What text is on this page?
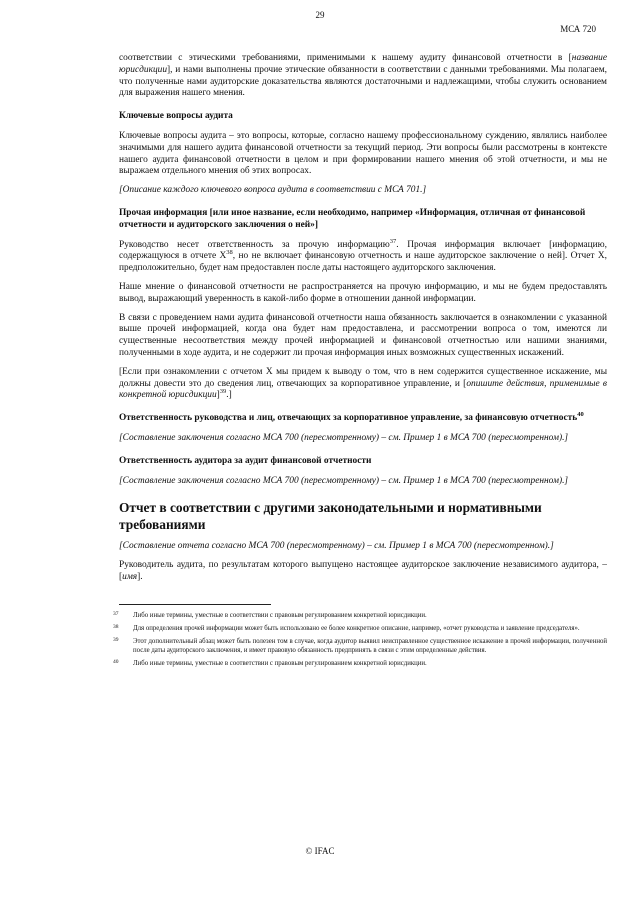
29
МСА 720

соответствии с этическими требованиями, применимыми к нашему аудиту финансовой отчетности в [название юрисдикции], и нами выполнены прочие этические обязанности в соответствии с данными требованиями. Мы полагаем, что полученные нами аудиторские доказательства являются достаточными и надлежащими, чтобы служить основанием для выражения нашего мнения.

Ключевые вопросы аудита

Ключевые вопросы аудита – это вопросы, которые, согласно нашему профессиональному суждению, являлись наиболее значимыми для нашего аудита финансовой отчетности за текущий период. Эти вопросы были рассмотрены в контексте нашего аудита финансовой отчетности в целом и при формировании нашего мнения об этой отчетности, и мы не выражаем отдельного мнения об этих вопросах.

[Описание каждого ключевого вопроса аудита в соответствии с МСА 701.]

Прочая информация [или иное название, если необходимо, например «Информация, отличная от финансовой отчетности и аудиторского заключения о ней»]

Руководство несет ответственность за прочую информацию$^{37}$. Прочая информация включает [информацию, содержащуюся в отчете $X^{38}$, но не включает финансовую отчетность и наше аудиторское заключение о ней]. Отчет X, предположительно, будет нам предоставлен после даты настоящего аудиторского заключения.

Наше мнение о финансовой отчетности не распространяется на прочую информацию, и мы не будем предоставлять вывод, выражающий уверенность в какой-либо форме в отношении данной информации.

В связи с проведением нами аудита финансовой отчетности наша обязанность заключается в ознакомлении с указанной выше прочей информацией, когда она будет нам предоставлена, и рассмотрении вопроса о том, имеются ли существенные несоответствия между прочей информацией и финансовой отчетностью или нашими знаниями, полученными в ходе аудита, и не содержит ли прочая информация иных возможных существенных искажений.

[Если при ознакомлении с отчетом X мы придем к выводу о том, что в нем содержится существенное искажение, мы должны довести это до сведения лиц, отвечающих за корпоративное управление, и [опишите действия, применимые в конкретной юрисдикции]$^{39}$.]

Ответственность руководства и лиц, отвечающих за корпоративное управление, за финансовую отчетность$^{40}$

[Составление заключения согласно МСА 700 (пересмотренному) – см. Пример 1 в МСА 700 (пересмотренном).]

Ответственность аудитора за аудит финансовой отчетности

[Составление заключения согласно МСА 700 (пересмотренному) – см. Пример 1 в МСА 700 (пересмотренном).]

Отчет в соответствии с другими законодательными и нормативными требованиями

[Составление отчета согласно МСА 700 (пересмотренному) – см. Пример 1 в МСА 700 (пересмотренном).]

Руководитель аудита, по результатам которого выпущено настоящее аудиторское заключение независимого аудитора, – [имя].

37 Либо иные термины, уместные в соответствии с правовым регулированием конкретной юрисдикции.
38 Для определения прочей информации может быть использовано ее более конкретное описание, например, «отчет руководства и заявление председателя».
39 Этот дополнительный абзац может быть полезен том в случае, когда аудитор выявил неисправленное существенное искажение в прочей информации, полученной после даты аудиторского заключения, и имеет правовую обязанность предпринять в связи с этим определенные действия.
40 Либо иные термины, уместные в соответствии с правовым регулированием конкретной юрисдикции.
© IFAC
